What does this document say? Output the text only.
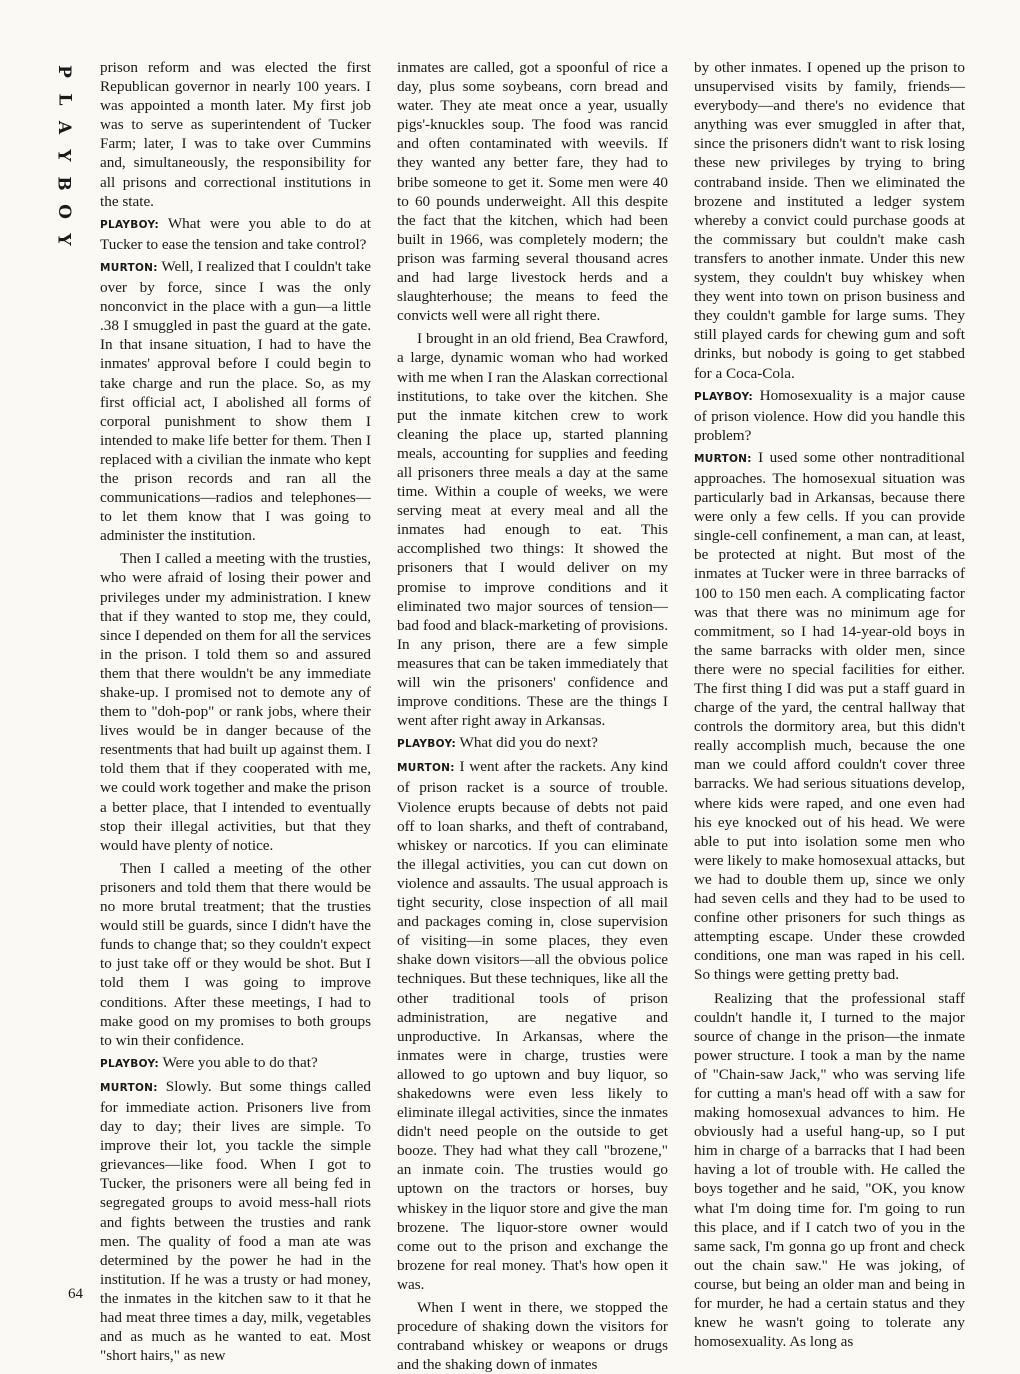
P
L
A
Y
B
O
Y
64

prison reform and was elected the first Republican governor in nearly 100 years. I was appointed a month later. My first job was to serve as superintendent of Tucker Farm; later, I was to take over Cummins and, simultaneously, the responsibility for all prisons and correctional institutions in the state.

PLAYBOY: What were you able to do at Tucker to ease the tension and take control?

MURTON: Well, I realized that I couldn't take over by force, since I was the only nonconvict in the place with a gun—a little .38 I smuggled in past the guard at the gate. In that insane situation, I had to have the inmates' approval before I could begin to take charge and run the place. So, as my first official act, I abolished all forms of corporal punishment to show them I intended to make life better for them. Then I replaced with a civilian the inmate who kept the prison records and ran all the communications—radios and telephones—to let them know that I was going to administer the institution.

Then I called a meeting with the trusties, who were afraid of losing their power and privileges under my administration. I knew that if they wanted to stop me, they could, since I depended on them for all the services in the prison. I told them so and assured them that there wouldn't be any immediate shake-up. I promised not to demote any of them to "doh-pop" or rank jobs, where their lives would be in danger because of the resentments that had built up against them. I told them that if they cooperated with me, we could work together and make the prison a better place, that I intended to eventually stop their illegal activities, but that they would have plenty of notice.

Then I called a meeting of the other prisoners and told them that there would be no more brutal treatment; that the trusties would still be guards, since I didn't have the funds to change that; so they couldn't expect to just take off or they would be shot. But I told them I was going to improve conditions. After these meetings, I had to make good on my promises to both groups to win their confidence.

PLAYBOY: Were you able to do that?

MURTON: Slowly. But some things called for immediate action. Prisoners live from day to day; their lives are simple. To improve their lot, you tackle the simple grievances—like food. When I got to Tucker, the prisoners were all being fed in segregated groups to avoid mess-hall riots and fights between the trusties and rank men. The quality of food a man ate was determined by the power he had in the institution. If he was a trusty or had money, the inmates in the kitchen saw to it that he had meat three times a day, milk, vegetables and as much as he wanted to eat. Most "short hairs," as new

inmates are called, got a spoonful of rice a day, plus some soybeans, corn bread and water. They ate meat once a year, usually pigs'-knuckles soup. The food was rancid and often contaminated with weevils. If they wanted any better fare, they had to bribe someone to get it. Some men were 40 to 60 pounds underweight. All this despite the fact that the kitchen, which had been built in 1966, was completely modern; the prison was farming several thousand acres and had large livestock herds and a slaughterhouse; the means to feed the convicts well were all right there.

I brought in an old friend, Bea Crawford, a large, dynamic woman who had worked with me when I ran the Alaskan correctional institutions, to take over the kitchen. She put the inmate kitchen crew to work cleaning the place up, started planning meals, accounting for supplies and feeding all prisoners three meals a day at the same time. Within a couple of weeks, we were serving meat at every meal and all the inmates had enough to eat. This accomplished two things: It showed the prisoners that I would deliver on my promise to improve conditions and it eliminated two major sources of tension—bad food and black-marketing of provisions. In any prison, there are a few simple measures that can be taken immediately that will win the prisoners' confidence and improve conditions. These are the things I went after right away in Arkansas.

PLAYBOY: What did you do next?

MURTON: I went after the rackets. Any kind of prison racket is a source of trouble. Violence erupts because of debts not paid off to loan sharks, and theft of contraband, whiskey or narcotics. If you can eliminate the illegal activities, you can cut down on violence and assaults. The usual approach is tight security, close inspection of all mail and packages coming in, close supervision of visiting—in some places, they even shake down visitors—all the obvious police techniques. But these techniques, like all the other traditional tools of prison administration, are negative and unproductive. In Arkansas, where the inmates were in charge, trusties were allowed to go uptown and buy liquor, so shakedowns were even less likely to eliminate illegal activities, since the inmates didn't need people on the outside to get booze. They had what they call "brozene," an inmate coin. The trusties would go uptown on the tractors or horses, buy whiskey in the liquor store and give the man brozene. The liquor-store owner would come out to the prison and exchange the brozene for real money. That's how open it was.

When I went in there, we stopped the procedure of shaking down the visitors for contraband whiskey or weapons or drugs and the shaking down of inmates

by other inmates. I opened up the prison to unsupervised visits by family, friends—everybody—and there's no evidence that anything was ever smuggled in after that, since the prisoners didn't want to risk losing these new privileges by trying to bring contraband inside. Then we eliminated the brozene and instituted a ledger system whereby a convict could purchase goods at the commissary but couldn't make cash transfers to another inmate. Under this new system, they couldn't buy whiskey when they went into town on prison business and they couldn't gamble for large sums. They still played cards for chewing gum and soft drinks, but nobody is going to get stabbed for a Coca-Cola.

PLAYBOY: Homosexuality is a major cause of prison violence. How did you handle this problem?

MURTON: I used some other nontraditional approaches. The homosexual situation was particularly bad in Arkansas, because there were only a few cells. If you can provide single-cell confinement, a man can, at least, be protected at night. But most of the inmates at Tucker were in three barracks of 100 to 150 men each. A complicating factor was that there was no minimum age for commitment, so I had 14-year-old boys in the same barracks with older men, since there were no special facilities for either. The first thing I did was put a staff guard in charge of the yard, the central hallway that controls the dormitory area, but this didn't really accomplish much, because the one man we could afford couldn't cover three barracks. We had serious situations develop, where kids were raped, and one even had his eye knocked out of his head. We were able to put into isolation some men who were likely to make homosexual attacks, but we had to double them up, since we only had seven cells and they had to be used to confine other prisoners for such things as attempting escape. Under these crowded conditions, one man was raped in his cell. So things were getting pretty bad.

Realizing that the professional staff couldn't handle it, I turned to the major source of change in the prison—the inmate power structure. I took a man by the name of "Chain-saw Jack," who was serving life for cutting a man's head off with a saw for making homosexual advances to him. He obviously had a useful hang-up, so I put him in charge of a barracks that I had been having a lot of trouble with. He called the boys together and he said, "OK, you know what I'm doing time for. I'm going to run this place, and if I catch two of you in the same sack, I'm gonna go up front and check out the chain saw." He was joking, of course, but being an older man and being in for murder, he had a certain status and they knew he wasn't going to tolerate any homosexuality. As long as
